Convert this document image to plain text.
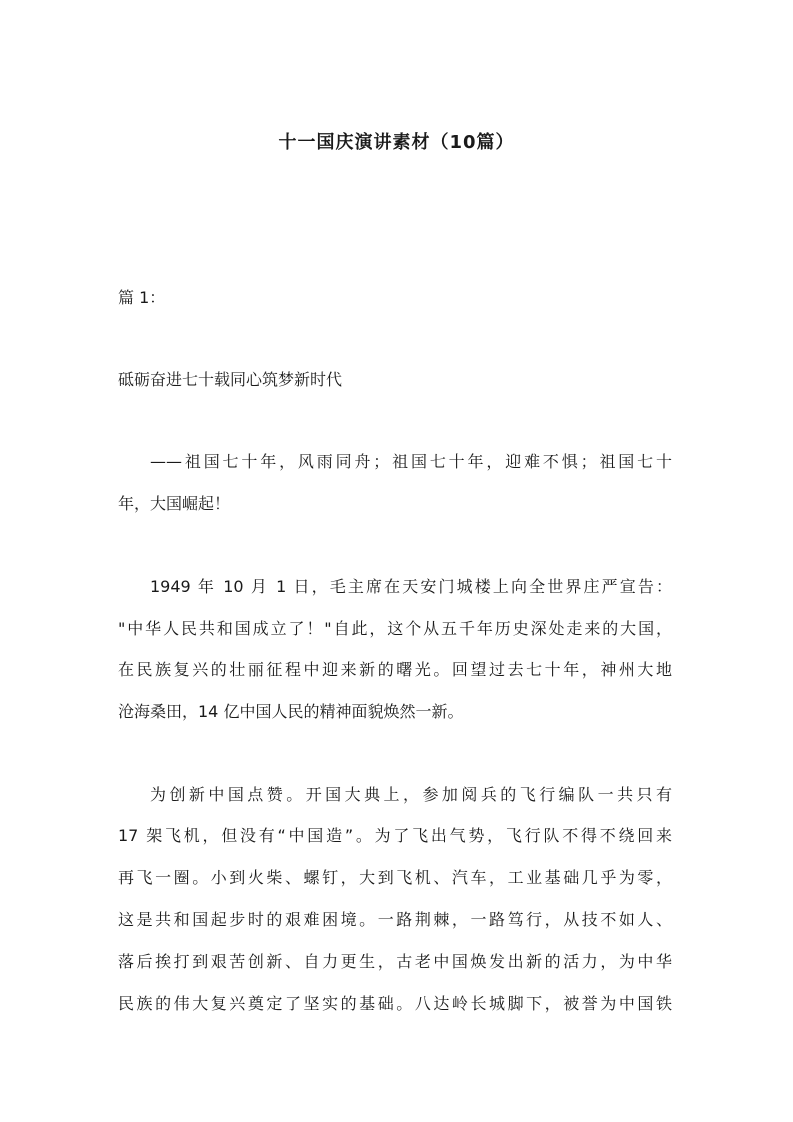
十一国庆演讲素材（10篇）
篇 1：
砥砺奋进七十载同心筑梦新时代
——祖国七十年，风雨同舟；祖国七十年，迎难不惧；祖国七十
年，大国崛起！
1949 年 10 月 1 日，毛主席在天安门城楼上向全世界庄严宣告：
"中华人民共和国成立了！"自此，这个从五千年历史深处走来的大国，
在民族复兴的壮丽征程中迎来新的曙光。回望过去七十年，神州大地
沧海桑田，14 亿中国人民的精神面貌焕然一新。
为创新中国点赞。开国大典上，参加阅兵的飞行编队一共只有
17 架飞机，但没有“中国造”。为了飞出气势，飞行队不得不绕回来
再飞一圈。小到火柴、螺钉，大到飞机、汽车，工业基础几乎为零，
这是共和国起步时的艰难困境。一路荆棘，一路笃行，从技不如人、
落后挨打到艰苦创新、自力更生，古老中国焕发出新的活力，为中华
民族的伟大复兴奠定了坚实的基础。八达岭长城脚下，被誉为中国铁
